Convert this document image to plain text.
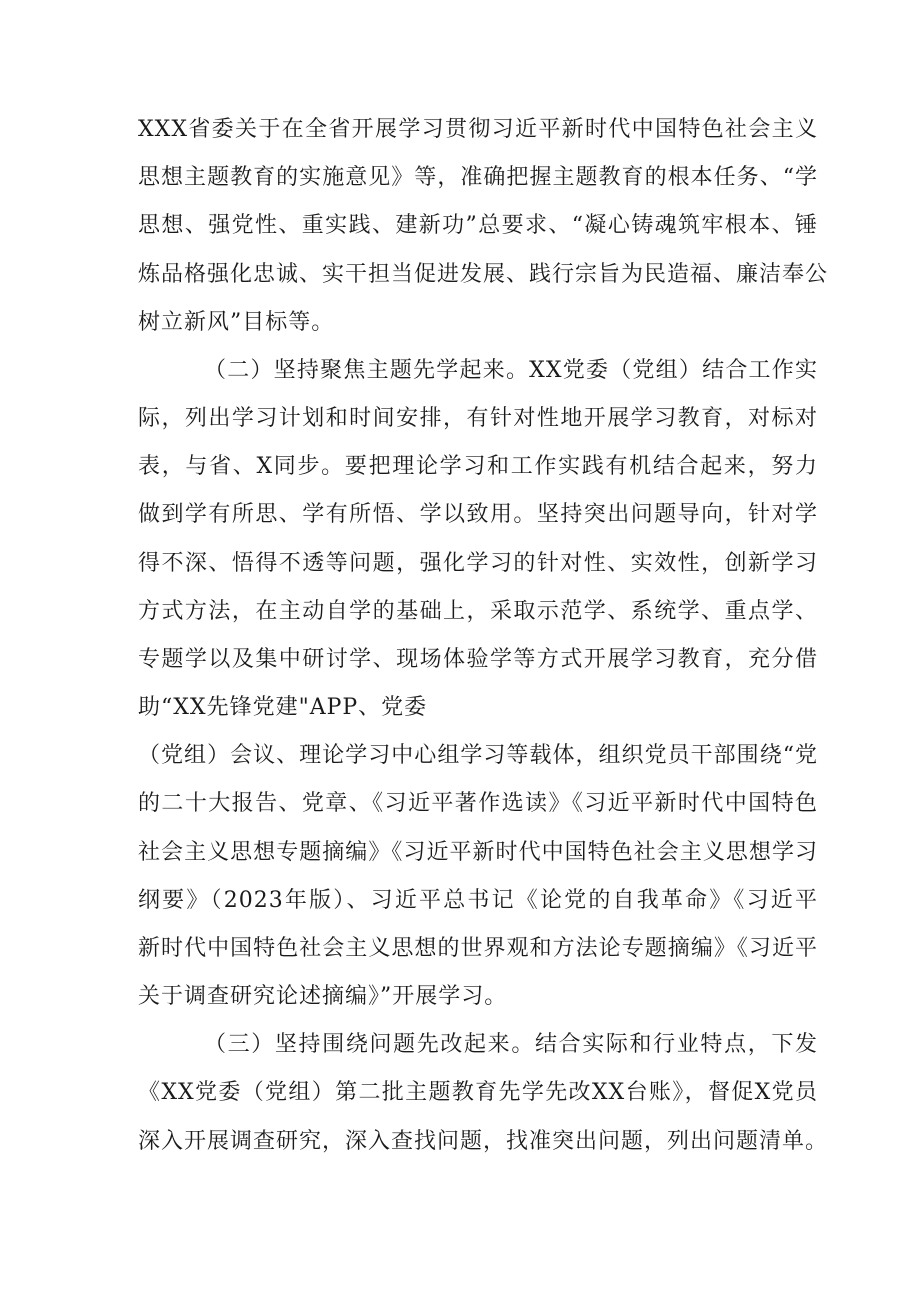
XXX省委关于在全省开展学习贯彻习近平新时代中国特色社会主义
思想主题教育的实施意见》等，准确把握主题教育的根本任务、“学
思想、强党性、重实践、建新功”总要求、“凝心铸魂筑牢根本、锤
炼品格强化忠诚、实干担当促进发展、践行宗旨为民造福、廉洁奉公
树立新风”目标等。
（二）坚持聚焦主题先学起来。XX党委（党组）结合工作实
际，列出学习计划和时间安排，有针对性地开展学习教育，对标对
表，与省、X同步。要把理论学习和工作实践有机结合起来，努力
做到学有所思、学有所悟、学以致用。坚持突出问题导向，针对学
得不深、悟得不透等问题，强化学习的针对性、实效性，创新学习
方式方法，在主动自学的基础上，采取示范学、系统学、重点学、
专题学以及集中研讨学、现场体验学等方式开展学习教育，充分借
助“XX先锋党建"APP、党委
（党组）会议、理论学习中心组学习等载体，组织党员干部围绕“党
的二十大报告、党章、《习近平著作选读》《习近平新时代中国特色
社会主义思想专题摘编》《习近平新时代中国特色社会主义思想学习
纲要》（2023年版）、习近平总书记《论党的自我革命》《习近平
新时代中国特色社会主义思想的世界观和方法论专题摘编》《习近平
关于调查研究论述摘编》”开展学习。
（三）坚持围绕问题先改起来。结合实际和行业特点，下发
《XX党委（党组）第二批主题教育先学先改XX台账》，督促X党员
深入开展调查研究，深入查找问题，找准突出问题，列出问题清单。
